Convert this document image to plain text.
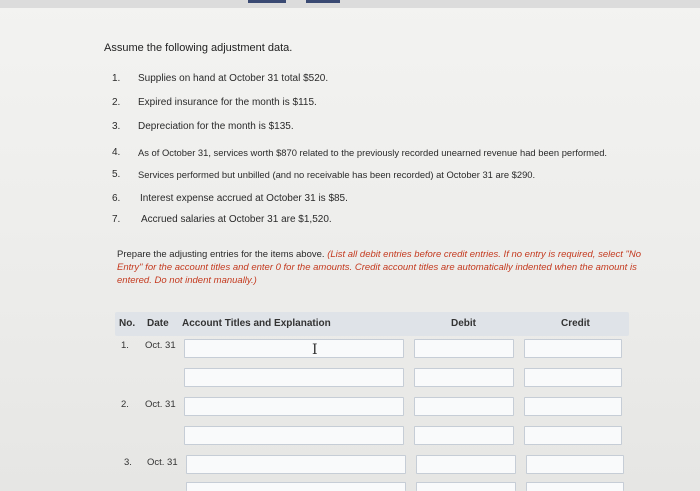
Assume the following adjustment data.
1. Supplies on hand at October 31 total $520.
2. Expired insurance for the month is $115.
3. Depreciation for the month is $135.
4. As of October 31, services worth $870 related to the previously recorded unearned revenue had been performed.
5. Services performed but unbilled (and no receivable has been recorded) at October 31 are $290.
6. Interest expense accrued at October 31 is $85.
7. Accrued salaries at October 31 are $1,520.
Prepare the adjusting entries for the items above. (List all debit entries before credit entries. If no entry is required, select "No Entry" for the account titles and enter 0 for the amounts. Credit account titles are automatically indented when the amount is entered. Do not indent manually.)
No. Date Account Titles and Explanation	Debit	Credit
1. Oct. 31	I
2. Oct. 31
3. Oct. 31
